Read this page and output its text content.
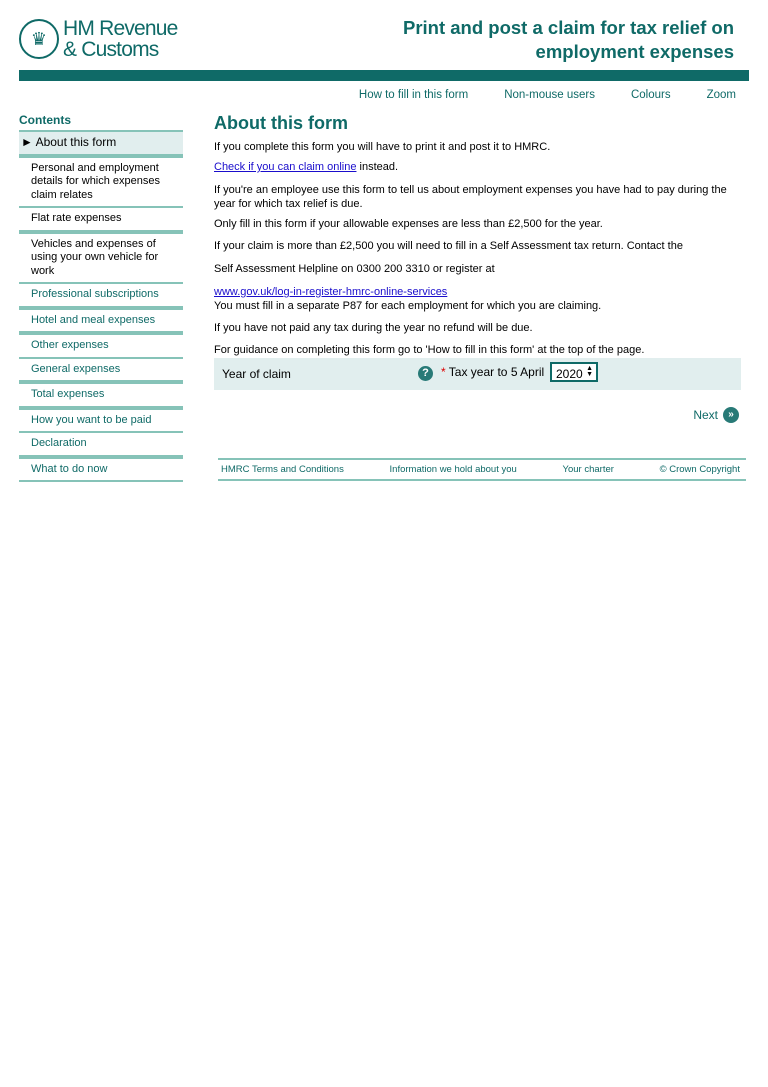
♛ HM Revenue
& Customs
Print and post a claim for tax relief on employment expenses
How to fill in this form	Non-mouse users	Colours	Zoom
Contents
► About this form
Personal and employment details for which expenses claim relates
Flat rate expenses
Vehicles and expenses of using your own vehicle for work
Professional subscriptions
Hotel and meal expenses
Other expenses
General expenses
Total expenses
How you want to be paid
Declaration
What to do now
About this form

If you complete this form you will have to print it and post it to HMRC.

Check if you can claim online instead.

If you're an employee use this form to tell us about employment expenses you have had to pay during the year for which tax relief is due.

Only fill in this form if your allowable expenses are less than £2,500 for the year.

If your claim is more than £2,500 you will need to fill in a Self Assessment tax return. Contact the

Self Assessment Helpline on 0300 200 3310 or register at

www.gov.uk/log-in-register-hmrc-online-services

You must fill in a separate P87 for each employment for which you are claiming.

If you have not paid any tax during the year no refund will be due.

For guidance on completing this form go to 'How to fill in this form' at the top of the page.

Year of claim	?	* Tax year to 5 April 2020 ▲
▼
Next	»
HMRC Terms and Conditions	Information we hold about you	Your charter	© Crown Copyright
